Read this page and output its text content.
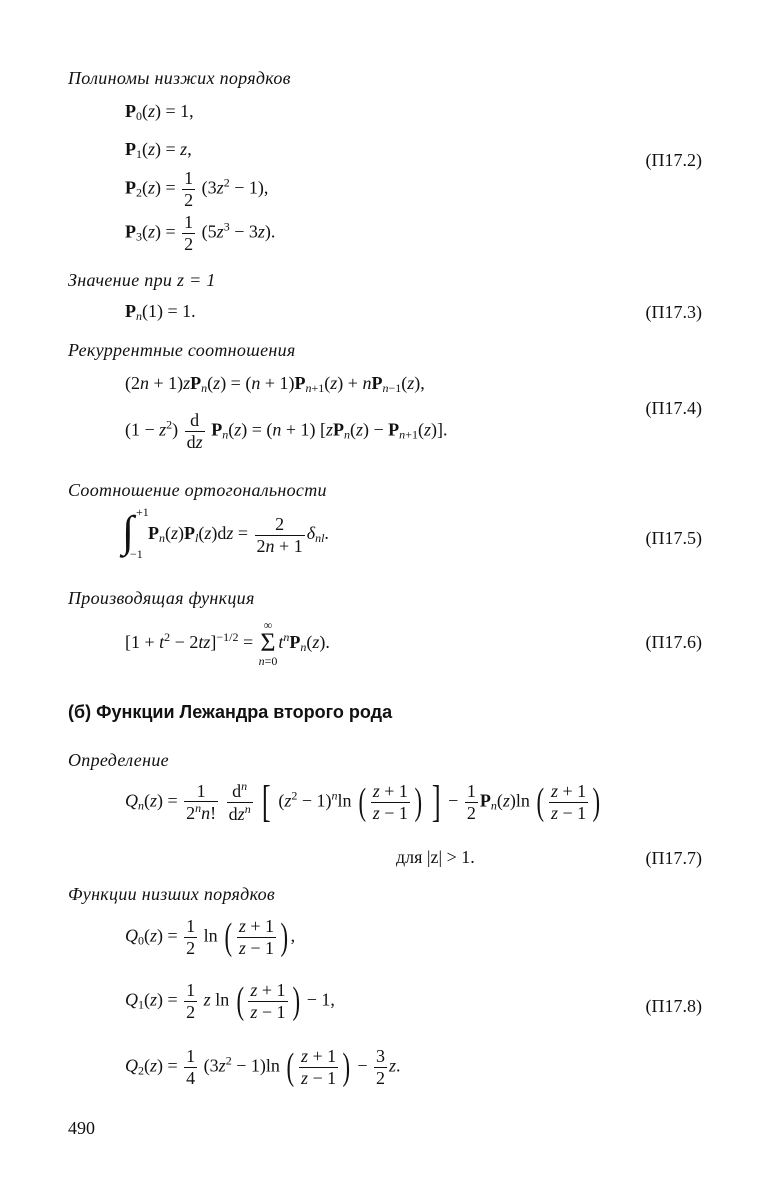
Полиномы низжих порядков
$P_0(z) = 1$,
$P_1(z) = z$,
$P_2(z) = \frac{1}{2} (3z^2 - 1)$,
$P_3(z) = \frac{1}{2} (5z^3 - 3z)$.
(П17.2)
Значение при z = 1
$P_n(1) = 1$.	(П17.3)
Рекуррентные соотношения
$(2n + 1)zP_n(z) = (n + 1)P_{n+1}(z) + nP_{n-1}(z)$,
$(1 - z^2) \frac{d}{dz} P_n(z) = (n + 1)$ $[zP_n(z) - P_{n+1}(z)]$.
(П17.4)
Соотношение ортогональности
∫ +1
−1
$P_n(z)P_l(z)dz = \frac{2}{2n + 1} \delta_{nl}$.	(П17.5)
Производящая функция
$[1 + t^2 - 2tz]^{-1/2}$ =
∞
Σ
n=0
$t^nP_n(z)$.	(П17.6)
(б) Функции Лежандра второго рода
Определение
$Q_n(z) = \frac{1}{2^nn!}$
$\frac{d^n}{dz^n}$ [ $(z^2 - 1)^n\ln$ ( $\frac{z + 1}{z - 1}$ ) ] − $\frac{1}{2} P_n(z)\ln$ ( $\frac{z + 1}{z - 1}$ )
для |z| > 1.	(П17.7)
Функции низших порядков
$Q_0(z) = \frac{1}{2}$ ln ( $\frac{z + 1}{z - 1}$ ) ,
$Q_1(z) = \frac{1}{2}$ z ln ( $\frac{z + 1}{z - 1}$ ) − 1,	(П17.8)
$Q_2(z) = \frac{1}{4} (3z^2 - 1)\ln$ ( $\frac{z + 1}{z - 1}$ ) − $\frac{3}{2} z$.
490
